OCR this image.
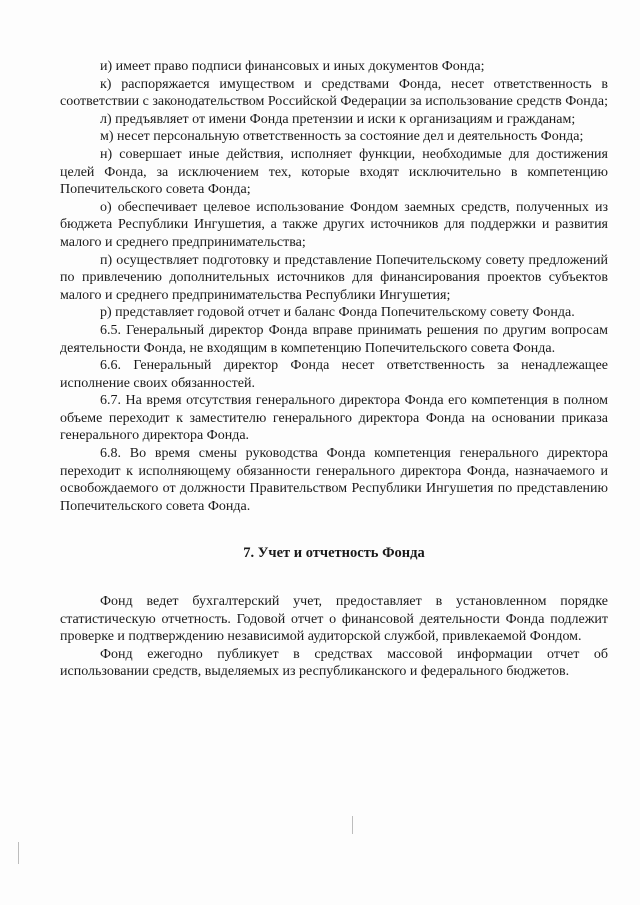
и) имеет право подписи финансовых и иных документов Фонда;

к) распоряжается имуществом и средствами Фонда, несет ответственность в соответствии с законодательством Российской Федерации за использование средств Фонда;

л) предъявляет от имени Фонда претензии и иски к организациям и гражданам;

м) несет персональную ответственность за состояние дел и деятельность Фонда;

н) совершает иные действия, исполняет функции, необходимые для достижения целей Фонда, за исключением тех, которые входят исключительно в компетенцию Попечительского совета Фонда;

о) обеспечивает целевое использование Фондом заемных средств, полученных из бюджета Республики Ингушетия, а также других источников для поддержки и развития малого и среднего предпринимательства;

п) осуществляет подготовку и представление Попечительскому совету предложений по привлечению дополнительных источников для финансирования проектов субъектов малого и среднего предпринимательства Республики Ингушетия;

р) представляет годовой отчет и баланс Фонда Попечительскому совету Фонда.

6.5. Генеральный директор Фонда вправе принимать решения по другим вопросам деятельности Фонда, не входящим в компетенцию Попечительского совета Фонда.

6.6. Генеральный директор Фонда несет ответственность за ненадлежащее исполнение своих обязанностей.

6.7. На время отсутствия генерального директора Фонда его компетенция в полном объеме переходит к заместителю генерального директора Фонда на основании приказа генерального директора Фонда.

6.8. Во время смены руководства Фонда компетенция генерального директора переходит к исполняющему обязанности генерального директора Фонда, назначаемого и освобождаемого от должности Правительством Республики Ингушетия по представлению Попечительского совета Фонда.

7. Учет и отчетность Фонда

Фонд ведет бухгалтерский учет, предоставляет в установленном порядке статистическую отчетность. Годовой отчет о финансовой деятельности Фонда подлежит проверке и подтверждению независимой аудиторской службой, привлекаемой Фондом.

Фонд ежегодно публикует в средствах массовой информации отчет об использовании средств, выделяемых из республиканского и федерального бюджетов.
